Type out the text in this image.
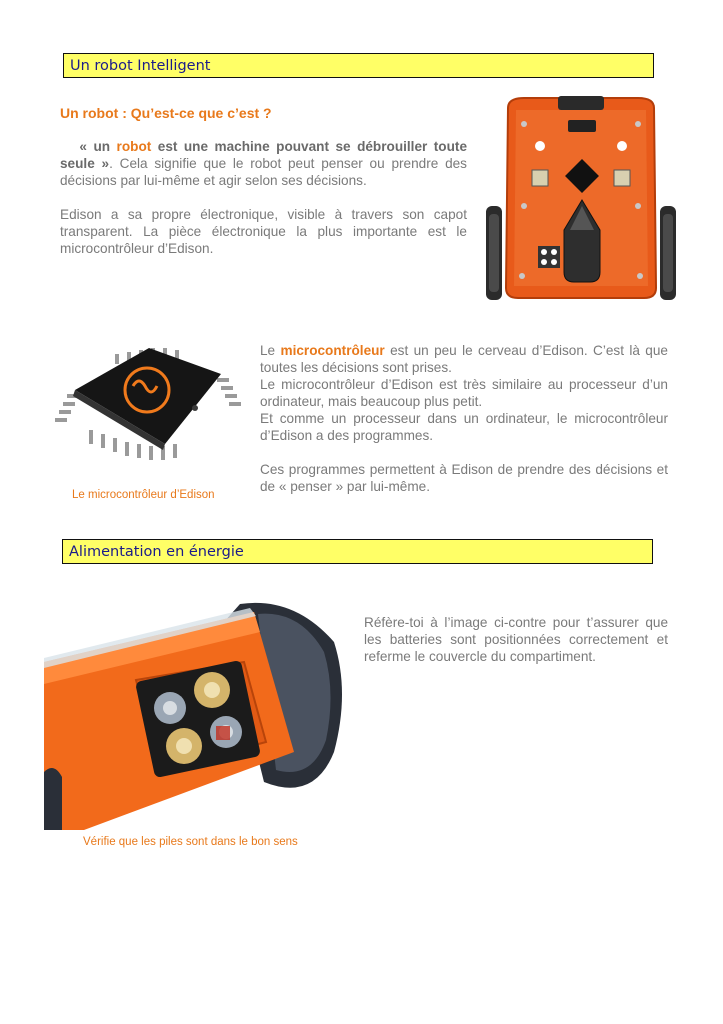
Un robot Intelligent
Un robot : Qu’est-ce que c’est ?

« un robot est une machine pouvant se débrouiller toute seule ». Cela signifie que le robot peut penser ou prendre des décisions par lui-même et agir selon ses décisions.

Edison a sa propre électronique, visible à travers son capot transparent. La pièce électronique la plus importante est le microcontrôleur d’Edison.

Le microcontrôleur d’Edison

Le microcontrôleur est un peu le cerveau d’Edison. C’est là que toutes les décisions sont prises.

Le microcontrôleur d’Edison est très similaire au processeur d’un ordinateur, mais beaucoup plus petit.

Et comme un processeur dans un ordinateur, le microcontrôleur d’Edison a des programmes.

Ces programmes permettent à Edison de prendre des décisions et de « penser » par lui-même.

Alimentation en énergie
Vérifie que les piles sont dans le bon sens
Réfère-toi à l’image ci-contre pour t’assurer que les batteries sont positionnées correctement et referme le couvercle du compartiment.
